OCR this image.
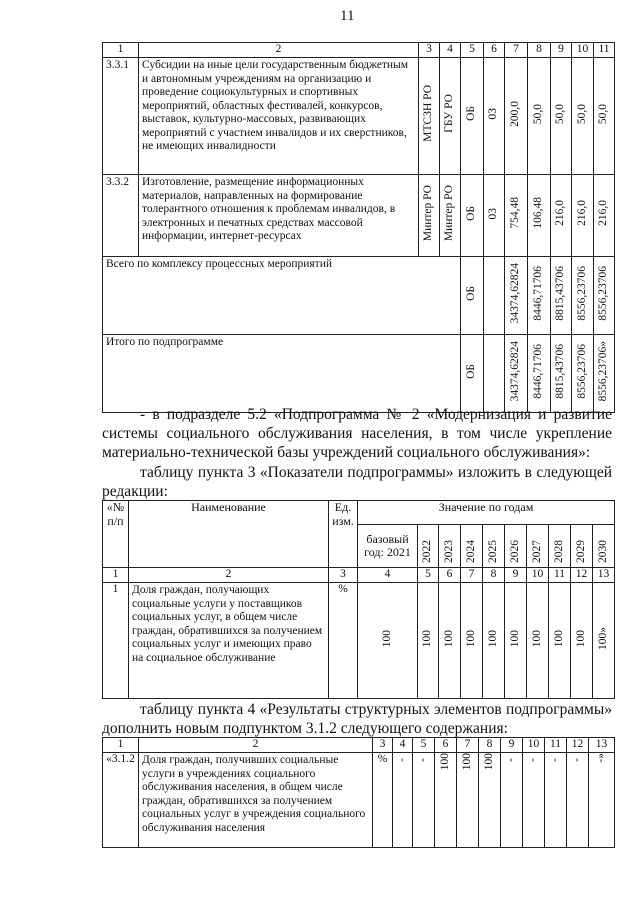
11
1	2	3	4	5	6	7	8	9	10	11
3.3.1	Субсидии на иные цели государственным бюджетным и автономным учреждениям на организацию и проведение социокультурных и спортивных мероприятий, областных фестивалей, конкурсов, выставок, культурно-массовых, развивающих мероприятий с участием инвалидов и их сверстников, не имеющих инвалидности	МТСЗН РО	ГБУ РО	ОБ	03	200,0	50,0	50,0	50,0	50,0
3.3.2	Изготовление, размещение информационных материалов, направленных на формирование толерантного отношения к проблемам инвалидов, в электронных и печатных средствах массовой информации, интернет-ресурсах	Минтер РО	Минтер РО	ОБ	03	754,48	106,48	216,0	216,0	216,0
Всего по комплексу процессных мероприятий				ОБ		34374,62824	8446,71706	8815,43706	8556,23706	8556,23706
Итого по подпрограмме				ОБ		34374,62824	8446,71706	8815,43706	8556,23706	8556,23706»
- в подразделе 5.2 «Подпрограмма № 2 «Модернизация и развитие системы социального обслуживания населения, в том числе укрепление материально-технической базы учреждений социального обслуживания»:
таблицу пункта 3 «Показатели подпрограммы» изложить в следующей редакции:
«№ п/п	Наименование	Ед. изм.	Значение по годам									
			базовый год: 2021	2022	2023	2024	2025	2026	2027	2028	2029	2030
1	2	3	4	5	6	7	8	9	10	11	12	13
1	Доля граждан, получающих социальные услуги у поставщиков социальных услуг, в общем числе граждан, обратившихся за получением социальных услуг и имеющих право на социальное обслуживание	%	100	100	100	100	100	100	100	100	100	100»
таблицу пункта 4 «Результаты структурных элементов подпрограммы» дополнить новым подпунктом 3.1.2 следующего содержания:
1	2	3	4	5	6	7	8	9	10	11	12	13
«3.1.2	Доля граждан, получивших социальные услуги в учреждениях социального обслуживания населения, в общем числе граждан, обратившихся за получением социальных услуг в учреждения социального обслуживания населения	%	-	-	100	100	100	-	-	-	-	-»
